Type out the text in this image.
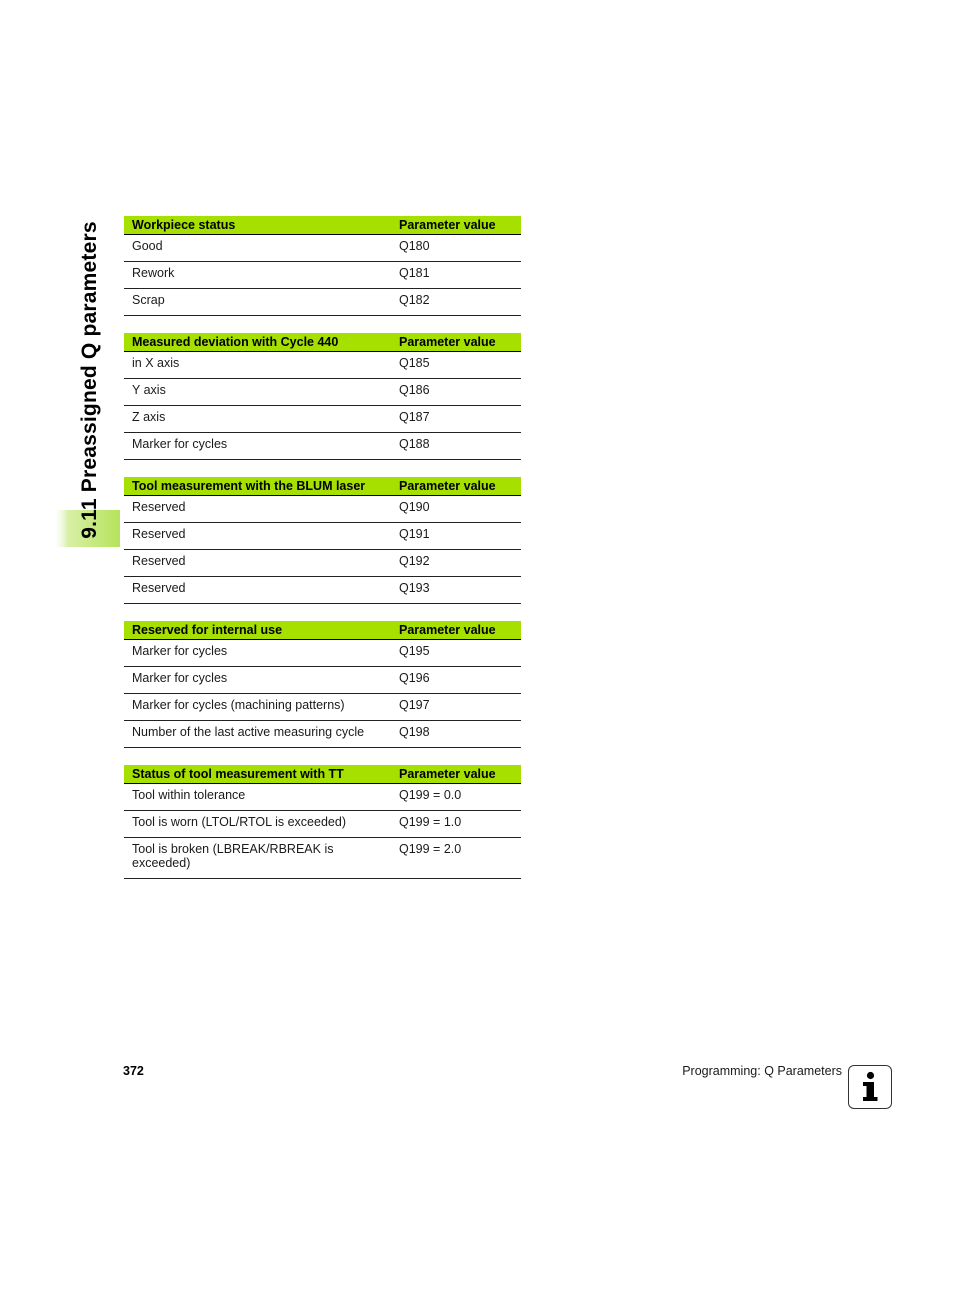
9.11 Preassigned Q parameters Workpiece status	Parameter value
Good	Q180
Rework	Q181
Scrap	Q182
Measured deviation with Cycle 440	Parameter value
in X axis	Q185
Y axis	Q186
Z axis	Q187
Marker for cycles	Q188
Tool measurement with the BLUM laser	Parameter value
Reserved	Q190
Reserved	Q191
Reserved	Q192
Reserved	Q193
Reserved for internal use	Parameter value
Marker for cycles	Q195
Marker for cycles	Q196
Marker for cycles (machining patterns)	Q197
Number of the last active measuring cycle	Q198
Status of tool measurement with TT	Parameter value
Tool within tolerance	Q199 = 0.0
Tool is worn (LTOL/RTOL is exceeded)	Q199 = 1.0
Tool is broken (LBREAK/RBREAK is exceeded)	Q199 = 2.0
372	Programming: Q Parameters
